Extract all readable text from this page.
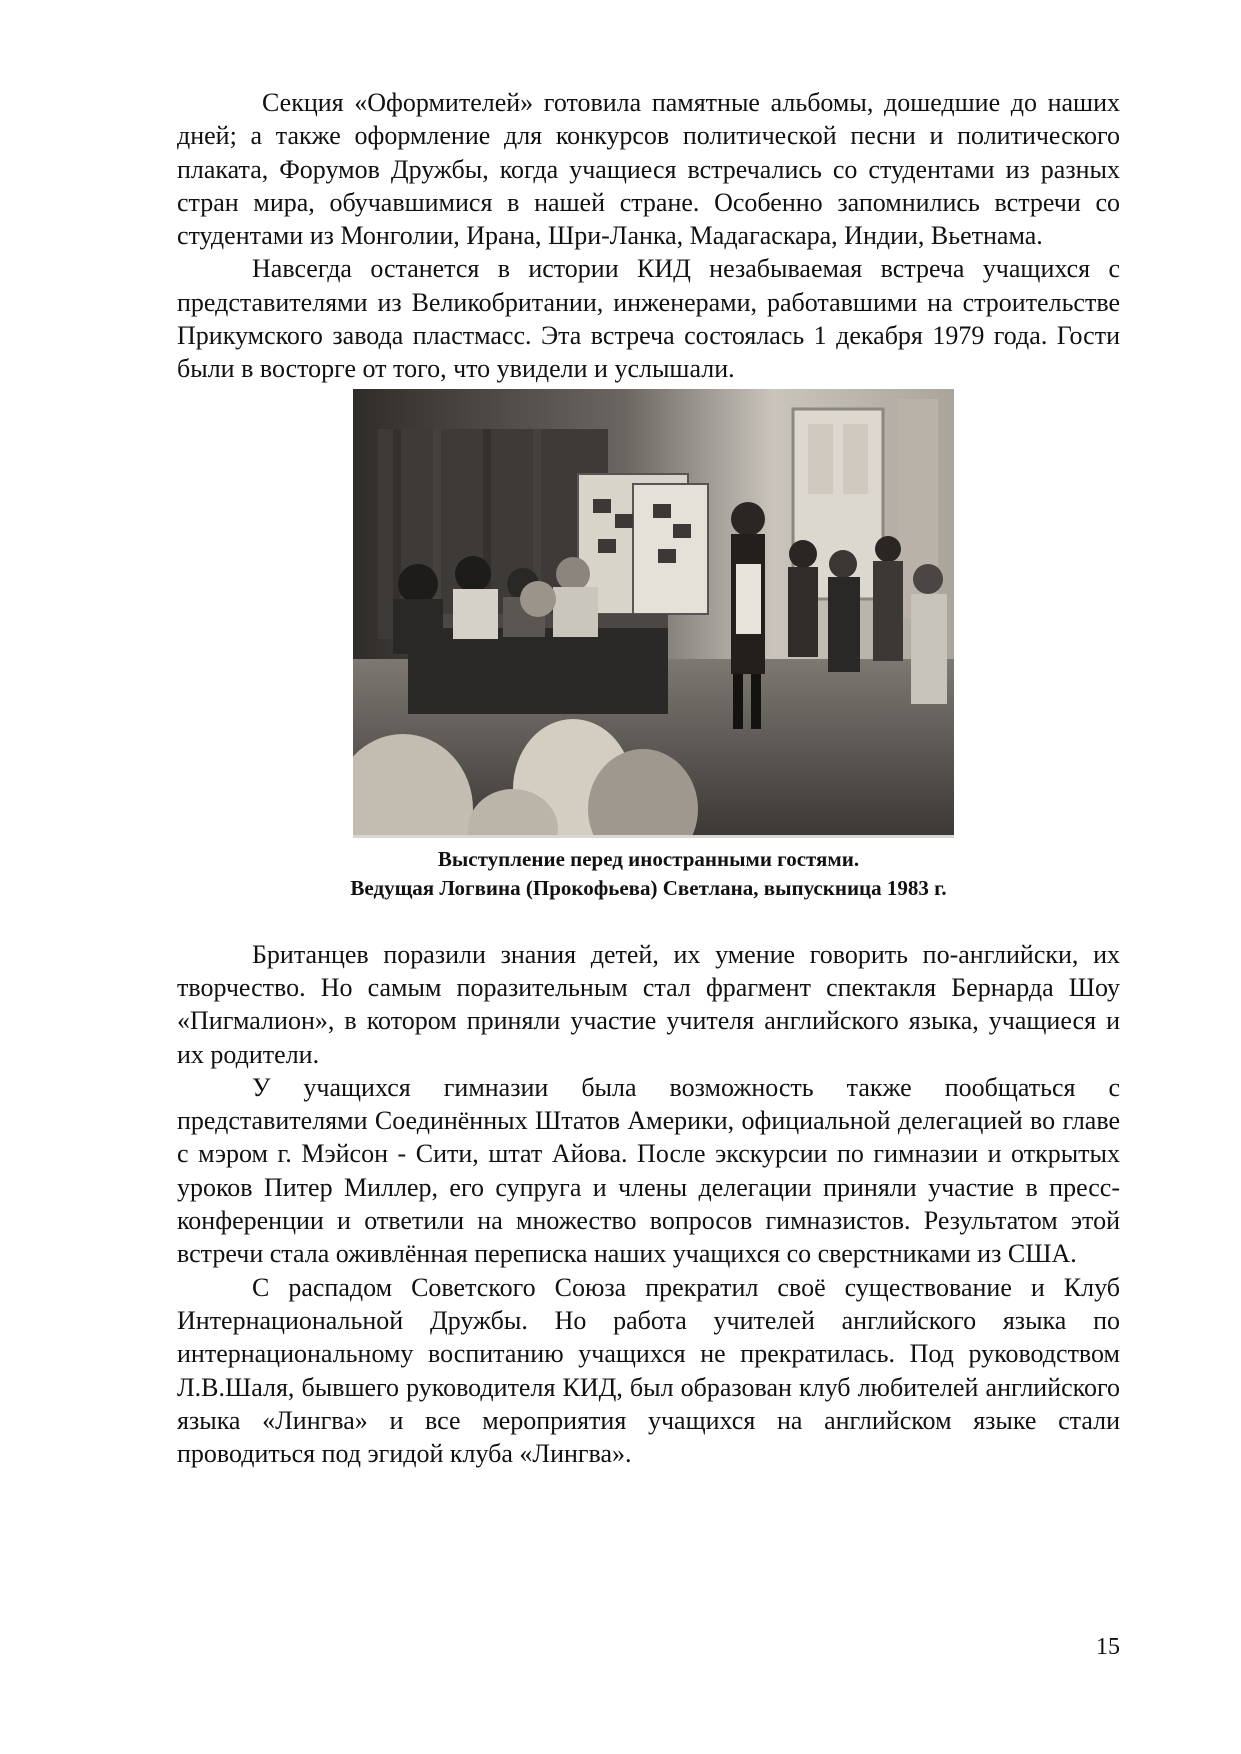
Секция «Оформителей» готовила памятные альбомы, дошедшие до наших дней; а также оформление для конкурсов политической песни и политического плаката, Форумов Дружбы, когда учащиеся встречались со студентами из разных стран мира, обучавшимися в нашей стране. Особенно запомнились встречи со студентами из Монголии, Ирана, Шри-Ланка, Мадагаскара, Индии, Вьетнама.

Навсегда останется в истории КИД незабываемая встреча учащихся с представителями из Великобритании, инженерами, работавшими на строительстве Прикумского завода пластмасс. Эта встреча состоялась 1 декабря 1979 года. Гости были в восторге от того, что увидели и услышали.

Выступление перед иностранными гостями.
Ведущая Логвина (Прокофьева) Светлана, выпускница 1983 г.

Британцев поразили знания детей, их умение говорить по-английски, их творчество. Но самым поразительным стал фрагмент спектакля Бернарда Шоу «Пигмалион», в котором приняли участие учителя английского языка, учащиеся и их родители.

У учащихся гимназии была возможность также пообщаться с представителями Соединённых Штатов Америки, официальной делегацией во главе с мэром г. Мэйсон - Сити, штат Айова. После экскурсии по гимназии и открытых уроков Питер Миллер, его супруга и члены делегации приняли участие в пресс-конференции и ответили на множество вопросов гимназистов. Результатом этой встречи стала оживлённая переписка наших учащихся со сверстниками из США.

С распадом Советского Союза прекратил своё существование и Клуб Интернациональной Дружбы. Но работа учителей английского языка по интернациональному воспитанию учащихся не прекратилась. Под руководством Л.В.Шаля, бывшего руководителя КИД, был образован клуб любителей английского языка «Лингва» и все мероприятия учащихся на английском языке стали проводиться под эгидой клуба «Лингва».

15
